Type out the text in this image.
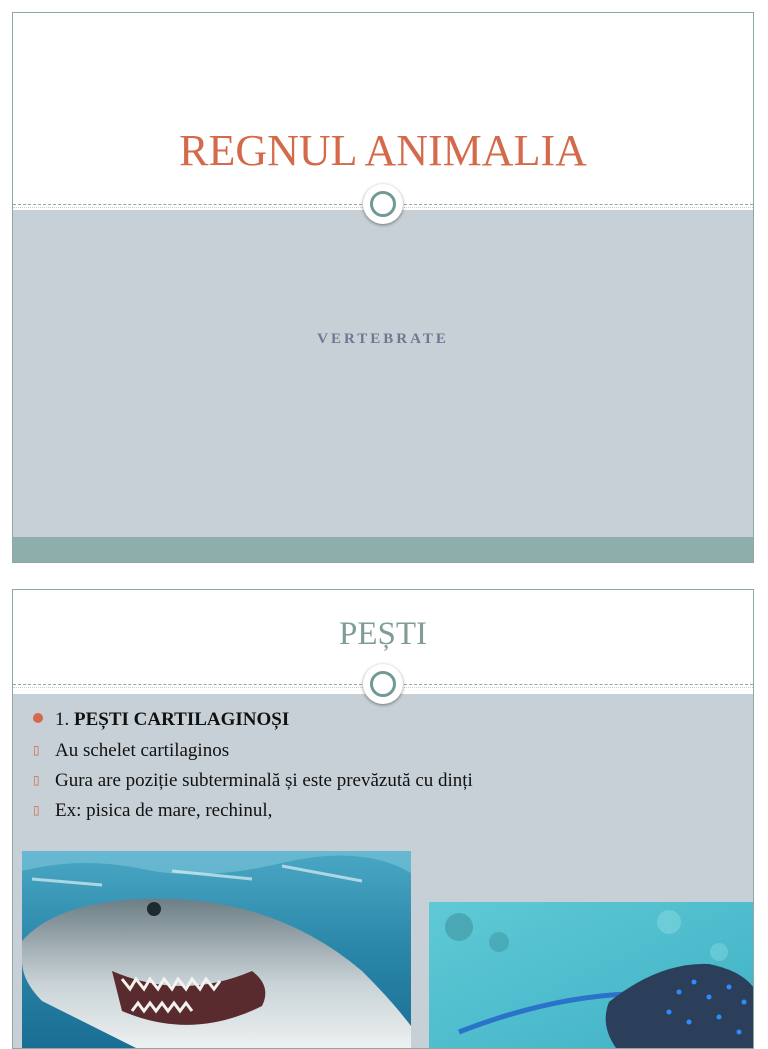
REGNUL ANIMALIA
VERTEBRATE
PEȘTI
1. PEȘTI CARTILAGINOȘI
▯ Au schelet cartilaginos
▯ Gura are poziție subterminală și este prevăzută cu dinți
▯ Ex: pisica de mare, rechinul,
